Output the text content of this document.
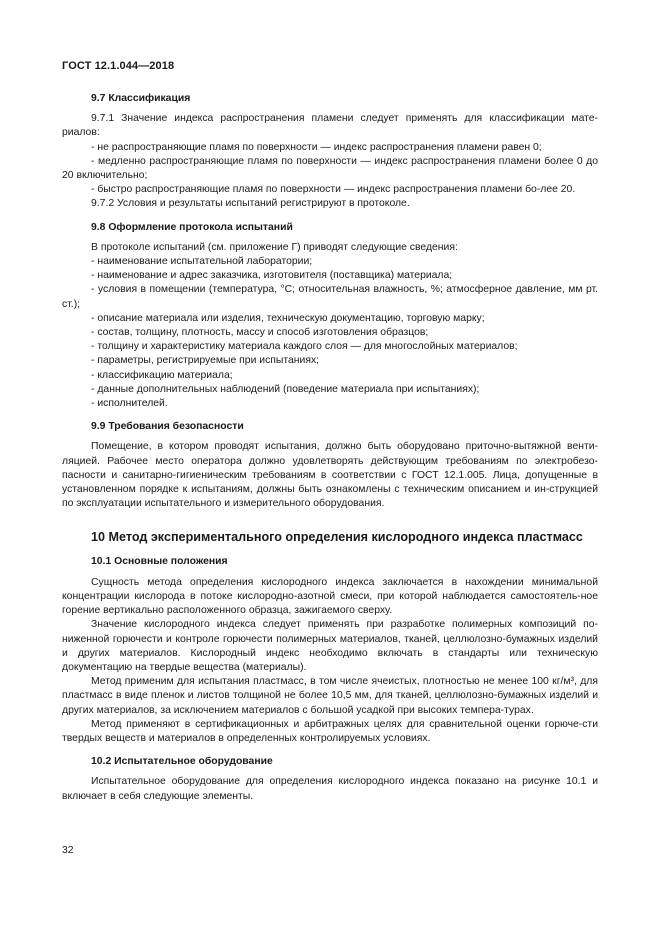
ГОСТ 12.1.044—2018

9.7 Классификация

9.7.1 Значение индекса распространения пламени следует применять для классификации мате-риалов:

- не распространяющие пламя по поверхности — индекс распространения пламени равен 0;

- медленно распространяющие пламя по поверхности — индекс распространения пламени более 0 до 20 включительно;

- быстро распространяющие пламя по поверхности — индекс распространения пламени бо-лее 20.

9.7.2 Условия и результаты испытаний регистрируют в протоколе.

9.8 Оформление протокола испытаний

В протоколе испытаний (см. приложение Г) приводят следующие сведения:

- наименование испытательной лаборатории;

- наименование и адрес заказчика, изготовителя (поставщика) материала;

- условия в помещении (температура, °С; относительная влажность, %; атмосферное давление, мм рт. ст.);

- описание материала или изделия, техническую документацию, торговую марку;

- состав, толщину, плотность, массу и способ изготовления образцов;

- толщину и характеристику материала каждого слоя — для многослойных материалов;

- параметры, регистрируемые при испытаниях;

- классификацию материала;

- данные дополнительных наблюдений (поведение материала при испытаниях);

- исполнителей.

9.9 Требования безопасности

Помещение, в котором проводят испытания, должно быть оборудовано приточно-вытяжной венти-ляцией. Рабочее место оператора должно удовлетворять действующим требованиям по электробезо-пасности и санитарно-гигиеническим требованиям в соответствии с ГОСТ 12.1.005. Лица, допущенные в установленном порядке к испытаниям, должны быть ознакомлены с техническим описанием и ин-струкцией по эксплуатации испытательного и измерительного оборудования.

10 Метод экспериментального определения кислородного индекса пластмасс

10.1 Основные положения

Сущность метода определения кислородного индекса заключается в нахождении минимальной концентрации кислорода в потоке кислородно-азотной смеси, при которой наблюдается самостоятель-ное горение вертикально расположенного образца, зажигаемого сверху.

Значение кислородного индекса следует применять при разработке полимерных композиций по-ниженной горючести и контроле горючести полимерных материалов, тканей, целлюлозно-бумажных изделий и других материалов. Кислородный индекс необходимо включать в стандарты или техническую документацию на твердые вещества (материалы).

Метод применим для испытания пластмасс, в том числе ячеистых, плотностью не менее 100 кг/м³, для пластмасс в виде пленок и листов толщиной не более 10,5 мм, для тканей, целлюлозно-бумажных изделий и других материалов, за исключением материалов с большой усадкой при высоких темпера-турах.

Метод применяют в сертификационных и арбитражных целях для сравнительной оценки горюче-сти твердых веществ и материалов в определенных контролируемых условиях.

10.2 Испытательное оборудование

Испытательное оборудование для определения кислородного индекса показано на рисунке 10.1 и включает в себя следующие элементы.

32
